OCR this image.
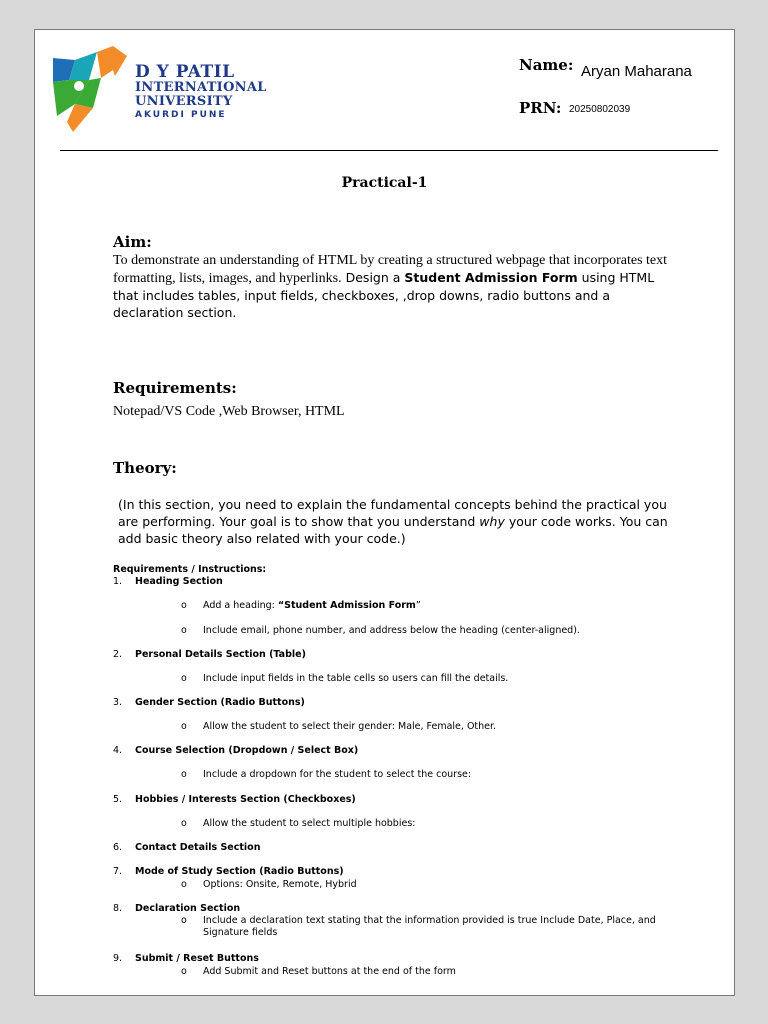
D Y PATIL
INTERNATIONAL
UNIVERSITY
AKURDI PUNE
Name: Aryan Maharana
PRN: 20250802039
Practical-1
Aim:
To demonstrate an understanding of HTML by creating a structured webpage that incorporates text formatting, lists, images, and hyperlinks. Design a Student Admission Form using HTML that includes tables, input fields, checkboxes, ,drop downs, radio buttons and a declaration section.
Requirements:
Notepad/VS Code ,Web Browser, HTML
Theory:
(In this section, you need to explain the fundamental concepts behind the practical you are performing. Your goal is to show that you understand why your code works. You can add basic theory also related with your code.)
Requirements / Instructions:
1. Heading Section
o Add a heading: “Student Admission Form”
o Include email, phone number, and address below the heading (center-aligned).
2. Personal Details Section (Table)
o Include input fields in the table cells so users can fill the details.
3. Gender Section (Radio Buttons)
o Allow the student to select their gender: Male, Female, Other.
4. Course Selection (Dropdown / Select Box)
o Include a dropdown for the student to select the course:
5. Hobbies / Interests Section (Checkboxes)
o Allow the student to select multiple hobbies:
6. Contact Details Section
7. Mode of Study Section (Radio Buttons)
o Options: Onsite, Remote, Hybrid
8. Declaration Section
o Include a declaration text stating that the information provided is true Include Date, Place, and Signature fields
9. Submit / Reset Buttons
o Add Submit and Reset buttons at the end of the form
